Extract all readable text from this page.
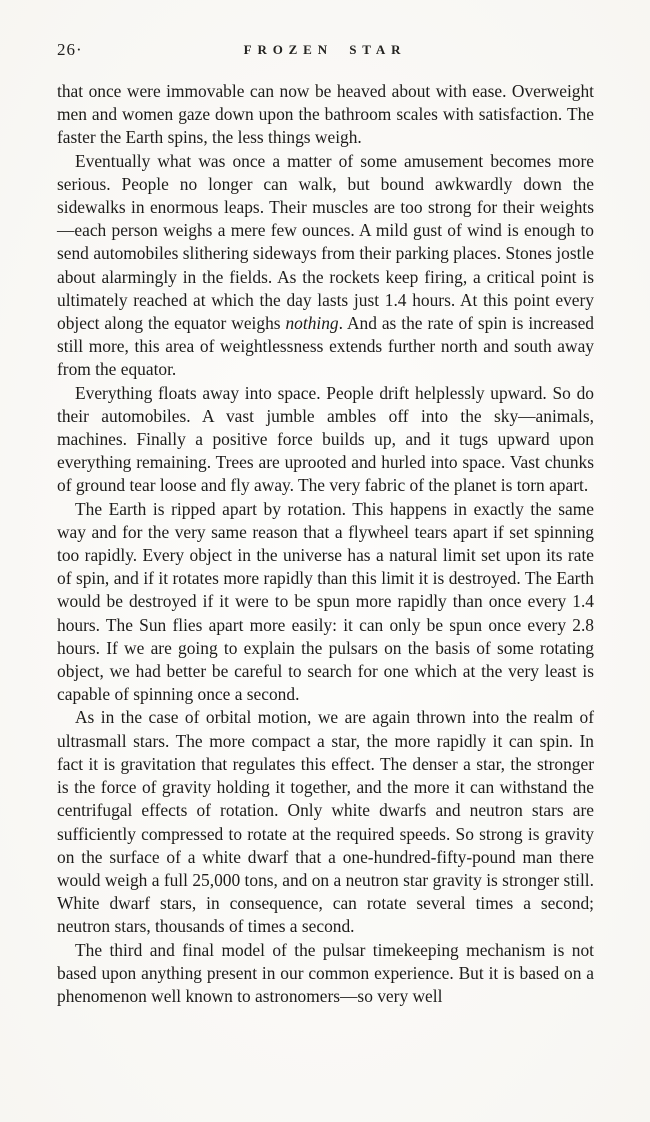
26·	FROZEN STAR

that once were immovable can now be heaved about with ease. Overweight men and women gaze down upon the bathroom scales with satisfaction. The faster the Earth spins, the less things weigh.

Eventually what was once a matter of some amusement becomes more serious. People no longer can walk, but bound awkwardly down the sidewalks in enormous leaps. Their muscles are too strong for their weights—each person weighs a mere few ounces. A mild gust of wind is enough to send automobiles slithering sideways from their parking places. Stones jostle about alarmingly in the fields. As the rockets keep firing, a critical point is ultimately reached at which the day lasts just 1.4 hours. At this point every object along the equator weighs nothing. And as the rate of spin is increased still more, this area of weightlessness extends further north and south away from the equator.

Everything floats away into space. People drift helplessly upward. So do their automobiles. A vast jumble ambles off into the sky—animals, machines. Finally a positive force builds up, and it tugs upward upon everything remaining. Trees are uprooted and hurled into space. Vast chunks of ground tear loose and fly away. The very fabric of the planet is torn apart.

The Earth is ripped apart by rotation. This happens in exactly the same way and for the very same reason that a flywheel tears apart if set spinning too rapidly. Every object in the universe has a natural limit set upon its rate of spin, and if it rotates more rapidly than this limit it is destroyed. The Earth would be destroyed if it were to be spun more rapidly than once every 1.4 hours. The Sun flies apart more easily: it can only be spun once every 2.8 hours. If we are going to explain the pulsars on the basis of some rotating object, we had better be careful to search for one which at the very least is capable of spinning once a second.

As in the case of orbital motion, we are again thrown into the realm of ultrasmall stars. The more compact a star, the more rapidly it can spin. In fact it is gravitation that regulates this effect. The denser a star, the stronger is the force of gravity holding it together, and the more it can withstand the centrifugal effects of rotation. Only white dwarfs and neutron stars are sufficiently compressed to rotate at the required speeds. So strong is gravity on the surface of a white dwarf that a one-hundred-fifty-pound man there would weigh a full 25,000 tons, and on a neutron star gravity is stronger still. White dwarf stars, in consequence, can rotate several times a second; neutron stars, thousands of times a second.

The third and final model of the pulsar timekeeping mechanism is not based upon anything present in our common experience. But it is based on a phenomenon well known to astronomers—so very well
